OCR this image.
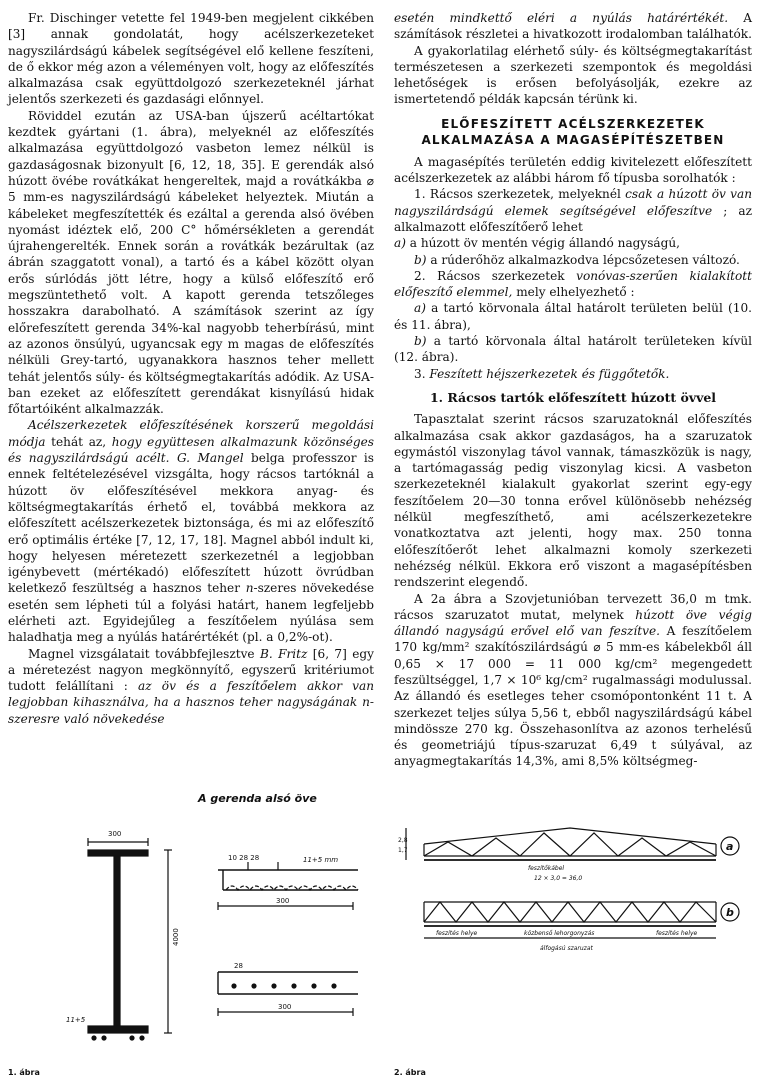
Fr. Dischinger vetette fel 1949-ben megjelent cikkében [3] annak gondolatát, hogy acélszerkezeteket nagyszilárdságú kábelek segítségével elő kellene feszíteni, de ő ekkor még azon a véleményen volt, hogy az előfeszítés alkalmazása csak együttdolgozó szerkezeteknél járhat jelentős szerkezeti és gazdasági előnnyel.

Röviddel ezután az USA-ban újszerű acéltartókat kezdtek gyártani (1. ábra), melyeknél az előfeszítés alkalmazása együttdolgozó vasbeton lemez nélkül is gazdaságosnak bizonyult [6, 12, 18, 35]. E gerendák alsó húzott övébe rovátkákat hengereltek, majd a rovátkákba ⌀ 5 mm-es nagyszilárdságú kábeleket helyeztek. Miután a kábeleket megfeszítették és ezáltal a gerenda alsó övében nyomást idéztek elő, 200 C° hőmérsékleten a gerendát újrahengerelték. Ennek során a rovátkák bezárultak (az ábrán szaggatott vonal), a tartó és a kábel között olyan erős súrlódás jött létre, hogy a külső előfeszítő erő megszüntethető volt. A kapott gerenda tetszőleges hosszakra darabolható. A számítások szerint az így előrefeszített gerenda 34%-kal nagyobb teherbírású, mint az azonos önsúlyú, ugyancsak egy m magas de előfeszítés nélküli Grey-tartó, ugyanakkora hasznos teher mellett tehát jelentős súly- és költségmegtakarítás adódik. Az USA-ban ezeket az előfeszített gerendákat kisnyílású hidak főtartóiként alkalmazzák.

Acélszerkezetek előfeszítésének korszerű megoldási módja tehát az, hogy együttesen alkalmazunk közönséges és nagyszilárdságú acélt. G. Mangel belga professzor is ennek feltételezésével vizsgálta, hogy rácsos tartóknál a húzott öv előfeszítésével mekkora anyag- és költségmegtakarítás érhető el, továbbá mekkora az előfeszített acélszerkezetek biztonsága, és mi az előfeszítő erő optimális értéke [7, 12, 17, 18]. Magnel abból indult ki, hogy helyesen méretezett szerkezetnél a legjobban igénybevett (mértékadó) előfeszített húzott övrúdban keletkező feszültség a hasznos teher n-szeres növekedése esetén sem lépheti túl a folyási határt, hanem legfeljebb elérheti azt. Egyidejűleg a feszítőelem nyúlása sem haladhatja meg a nyúlás határértékét (pl. a 0,2%-ot).

Magnel vizsgálatait továbbfejlesztve B. Fritz [6, 7] egy a méretezést nagyon megkönnyítő, egyszerű kritériumot tudott felállítani : az öv és a feszítőelem akkor van legjobban kihasználva, ha a hasznos teher nagyságának n-szeresre való növekedése

esetén mindkettő eléri a nyúlás határértékét. A számítások részletei a hivatkozott irodalomban találhatók.

A gyakorlatilag elérhető súly- és költségmegtakarítást természetesen a szerkezeti szempontok és megoldási lehetőségek is erősen befolyásolják, ezekre az ismertetendő példák kapcsán térünk ki.

ELŐFESZÍTETT ACÉLSZERKEZETEK ALKALMAZÁSA A MAGASÉPÍTÉSZETBEN

A magasépítés területén eddig kivitelezett előfeszített acélszerkezetek az alábbi három fő típusba sorolhatók :

1. Rácsos szerkezetek, melyeknél csak a húzott öv van nagyszilárdságú elemek segítségével előfeszítve ; az alkalmazott előfeszítőerő lehet

a) a húzott öv mentén végig állandó nagyságú,

b) a rúderőhöz alkalmazkodva lépcsőzetesen változó.

2. Rácsos szerkezetek vonóvas-szerűen kialakított előfeszítő elemmel, mely elhelyezhető :

a) a tartó körvonala által határolt területen belül (10. és 11. ábra),

b) a tartó körvonala által határolt területeken kívül (12. ábra).

3. Feszített héjszerkezetek és függőtetők.

1. Rácsos tartók előfeszített húzott övvel

Tapasztalat szerint rácsos szaruzatoknál előfeszítés alkalmazása csak akkor gazdaságos, ha a szaruzatok egymástól viszonylag távol vannak, támaszközük is nagy, a tartómagasság pedig viszonylag kicsi. A vasbeton szerkezeteknél kialakult gyakorlat szerint egy-egy feszítőelem 20—30 tonna erővel különösebb nehézség nélkül megfeszíthető, ami acélszerkezetekre vonatkoztatva azt jelenti, hogy max. 250 tonna előfeszítőerőt lehet alkalmazni komoly szerkezeti nehézség nélkül. Ekkora erő viszont a magasépítésben rendszerint elegendő.

A 2a ábra a Szovjetunióban tervezett 36,0 m tmk. rácsos szaruzatot mutat, melynek húzott öve végig állandó nagyságú erővel elő van feszítve. A feszítőelem 170 kg/mm² szakítószilárdságú ⌀ 5 mm-es kábelekből áll 0,65 × 17 000 = 11 000 kg/cm² megengedett feszültséggel, 1,7 × 10⁶ kg/cm² rugalmassági modulussal. Az állandó és esetleges teher csomópontonként 11 t. A szerkezet teljes súlya 5,56 t, ebből nagyszilárdságú kábel mindössze 270 kg. Összehasonlítva az azonos terhelésű és geometriájú típus-szaruzat 6,49 t súlyával, az anyagmegtakarítás 14,3%, ami 8,5% költségmeg-

A gerenda alsó öve
300
4000
11+5
10 28 28	11+5 mm
300
28
300
1. ábra
a
b
1,7
2,8
feszítőkábel
12 × 3,0 = 36,0
feszítés helye	közbenső lehorgonyzás	feszítés helye
álfogású szaruzat
2. ábra
